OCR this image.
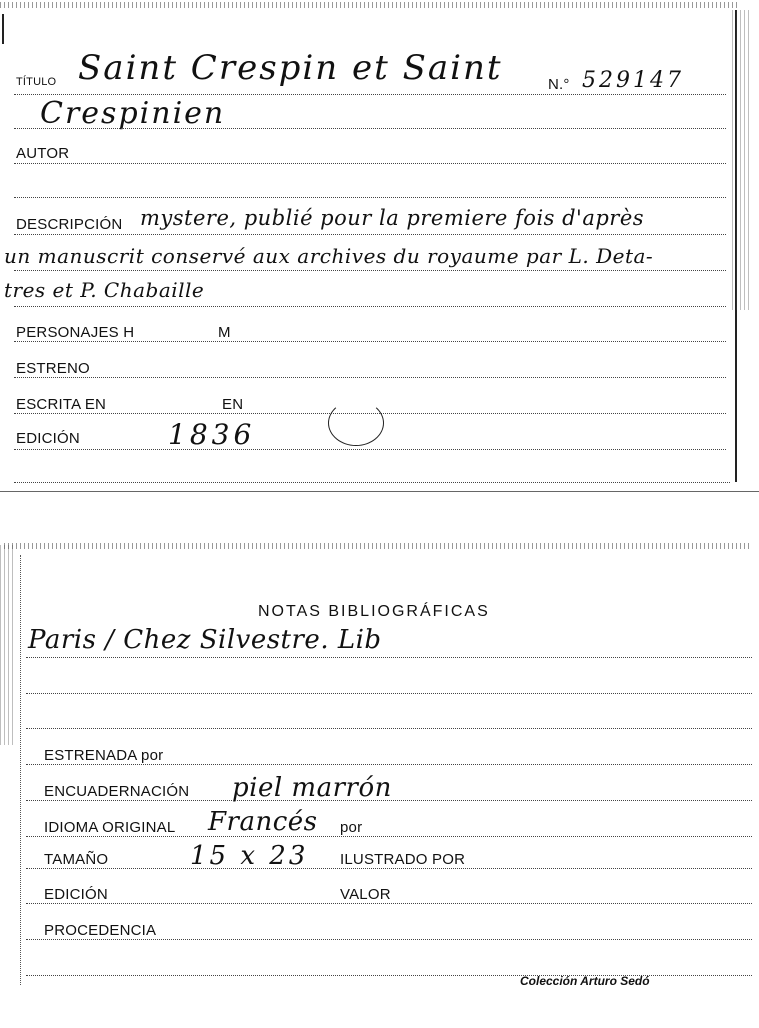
TÍTULO Saint Crespin et Saint	N.° 529147
Crespinien
AUTOR
DESCRIPCIÓN mystere, publié pour la premiere fois d'après
un manuscrit conservé aux archives du royaume par L. Deta-
tres et P. Chabaille
PERSONAJES H	M
ESTRENO
ESCRITA EN	EN
EDICIÓN	1836
NOTAS BIBLIOGRÁFICAS
Paris / Chez Silvestre. Lib
ESTRENADA por
ENCUADERNACIÓN piel marrón
IDIOMA ORIGINAL Francés por
TAMAÑO	15 x 23 ILUSTRADO POR
EDICIÓN	VALOR
PROCEDENCIA
Colección Arturo Sedó
